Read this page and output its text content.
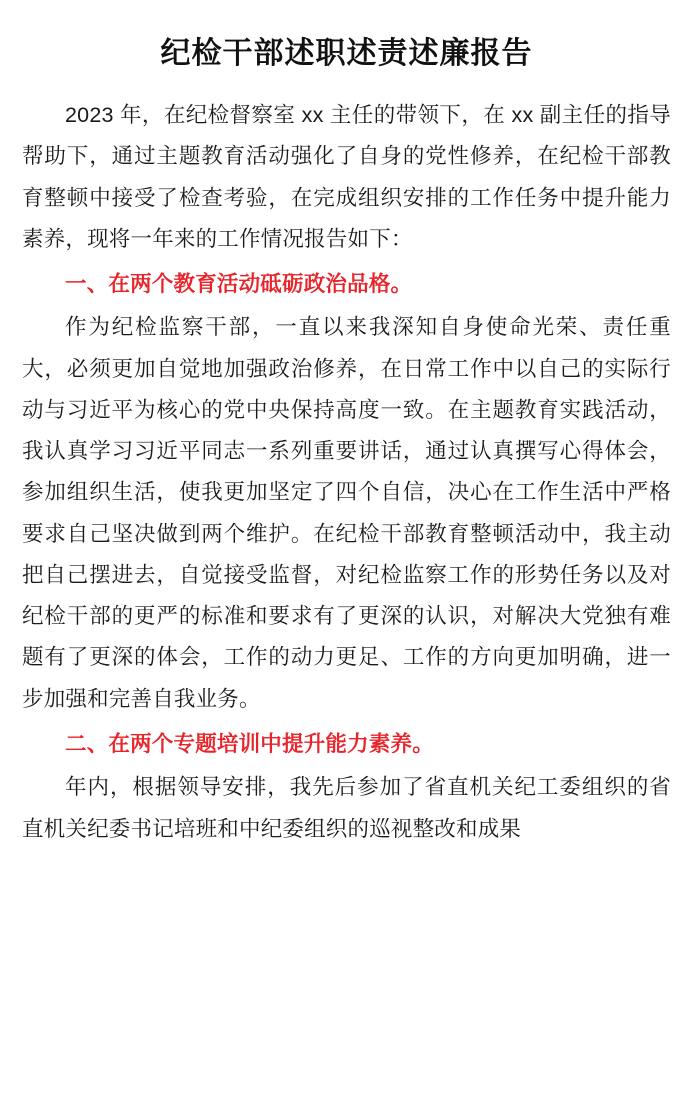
纪检干部述职述责述廉报告

2023 年，在纪检督察室 xx 主任的带领下，在 xx 副主任的指导帮助下，通过主题教育活动强化了自身的党性修养，在纪检干部教育整顿中接受了检查考验，在完成组织安排的工作任务中提升能力素养，现将一年来的工作情况报告如下：

一、在两个教育活动砥砺政治品格。

作为纪检监察干部，一直以来我深知自身使命光荣、责任重大，必须更加自觉地加强政治修养，在日常工作中以自己的实际行动与习近平为核心的党中央保持高度一致。在主题教育实践活动，我认真学习习近平同志一系列重要讲话，通过认真撰写心得体会，参加组织生活，使我更加坚定了四个自信，决心在工作生活中严格要求自己坚决做到两个维护。在纪检干部教育整顿活动中，我主动把自己摆进去，自觉接受监督，对纪检监察工作的形势任务以及对纪检干部的更严的标准和要求有了更深的认识，对解决大党独有难题有了更深的体会，工作的动力更足、工作的方向更加明确，进一步加强和完善自我业务。

二、在两个专题培训中提升能力素养。

年内，根据领导安排，我先后参加了省直机关纪工委组织的省直机关纪委书记培班和中纪委组织的巡视整改和成果
